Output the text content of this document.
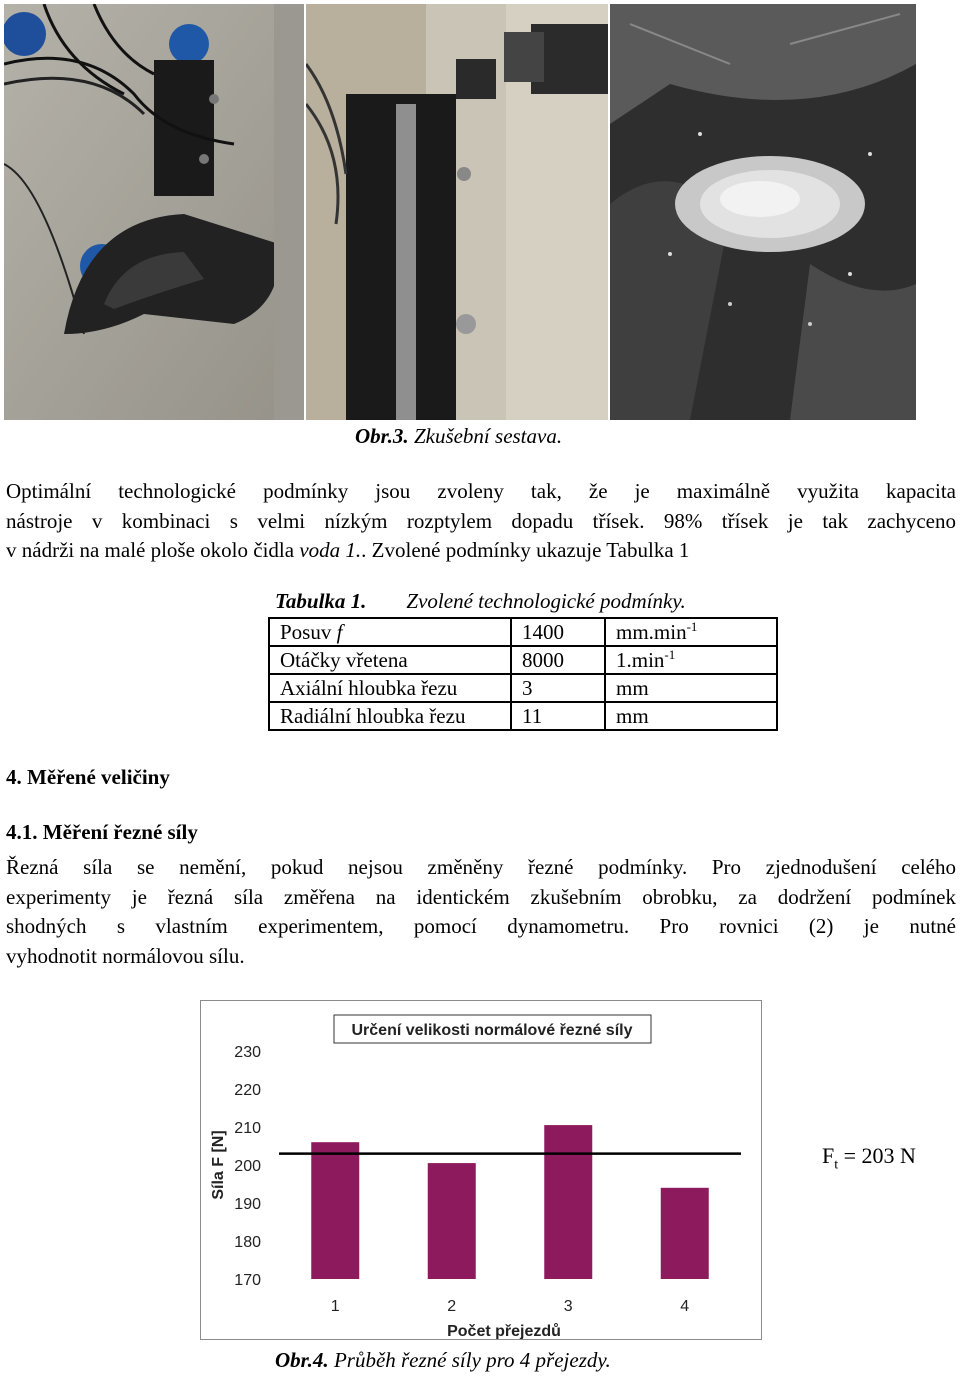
Obr.3. Zkušební sestava.
Optimální technologické podmínky jsou zvoleny tak, že je maximálně využita kapacita
nástroje v kombinaci s velmi nízkým rozptylem dopadu třísek. 98% třísek je tak zachyceno
v nádrži na malé ploše okolo čidla voda 1.. Zvolené podmínky ukazuje Tabulka 1
Tabulka 1. Zvolené technologické podmínky.
Posuv f	1400	$mm.\min^{-1}$
Otáčky vřetena	8000	$1.\min^{-1}$
Axiální hloubka řezu	3	mm
Radiální hloubka řezu	11	mm
4. Měřené veličiny
4.1. Měření řezné síly
Řezná síla se nemění, pokud nejsou změněny řezné podmínky. Pro zjednodušení celého
experimenty je řezná síla změřena na identickém zkušebním obrobku, za dodržení podmínek
shodných s vlastním experimentem, pomocí dynamometru. Pro rovnici (2) je nutné
vyhodnotit normálovou sílu.
Určení velikosti normálové řezné síly
170
180
190
200
210
220
230
Síla F [N]
1	2	3	4
Počet přejezdů
$F_t = 203$ N
Obr.4. Průběh řezné síly pro 4 přejezdy.
